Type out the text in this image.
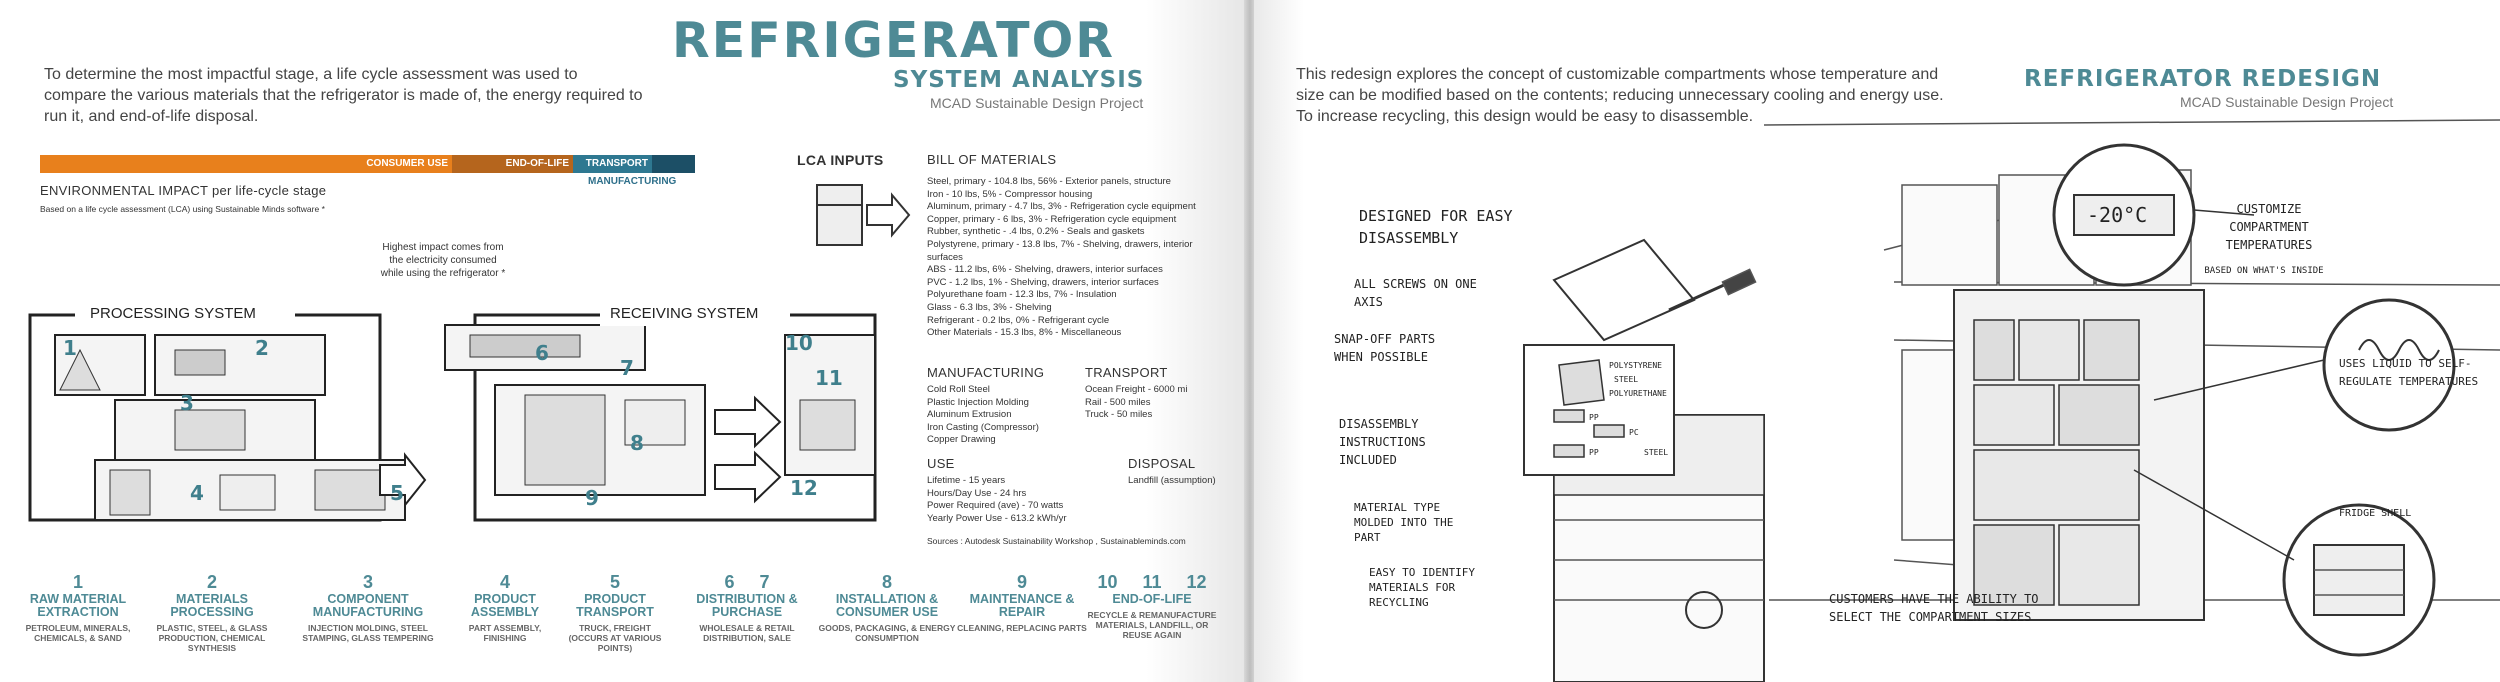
REFRIGERATOR
SYSTEM ANALYSIS
MCAD Sustainable Design Project
To determine the most impactful stage, a life cycle assessment was used to compare the various materials that the refrigerator is made of, the energy required to run it, and end-of-life disposal.
CONSUMER USE	END-OF-LIFE	TRANSPORT
MANUFACTURING
ENVIRONMENTAL IMPACT per life-cycle stage
Based on a life cycle assessment (LCA) using Sustainable Minds software *
Highest impact comes from the electricity consumed while using the refrigerator *
PROCESSING SYSTEM	RECEIVING SYSTEM
1	2
3
4	5
6
7
8
9
10
11
12
LCA INPUTS	BILL OF MATERIALS
Steel, primary - 104.8 lbs, 56% - Exterior panels, structure
Iron - 10 lbs, 5% - Compressor housing
Aluminum, primary - 4.7 lbs, 3% - Refrigeration cycle equipment
Copper, primary - 6 lbs, 3% - Refrigeration cycle equipment
Rubber, synthetic - .4 lbs, 0.2% - Seals and gaskets
Polystyrene, primary - 13.8 lbs, 7% - Shelving, drawers, interior surfaces
ABS - 11.2 lbs, 6% - Shelving, drawers, interior surfaces
PVC - 1.2 lbs, 1% - Shelving, drawers, interior surfaces
Polyurethane foam - 12.3 lbs, 7% - Insulation
Glass - 6.3 lbs, 3% - Shelving
Refrigerant - 0.2 lbs, 0% - Refrigerant cycle
Other Materials - 15.3 lbs, 8% - Miscellaneous
MANUFACTURING
Cold Roll Steel
Plastic Injection Molding
Aluminum Extrusion
Iron Casting (Compressor)
Copper Drawing
TRANSPORT
Ocean Freight - 6000 mi
Rail - 500 miles
Truck - 50 miles
USE
Lifetime - 15 years
Hours/Day Use - 24 hrs
Power Required (ave) - 70 watts
Yearly Power Use - 613.2 kWh/yr
DISPOSAL
Landfill (assumption)
Sources : Autodesk Sustainability Workshop , Sustainableminds.com
1
RAW MATERIAL EXTRACTION
PETROLEUM, MINERALS, CHEMICALS, & SAND
2
MATERIALS PROCESSING
PLASTIC, STEEL, & GLASS PRODUCTION, CHEMICAL SYNTHESIS
3
COMPONENT MANUFACTURING
INJECTION MOLDING, STEEL STAMPING, GLASS TEMPERING
4
PRODUCT ASSEMBLY
PART ASSEMBLY, FINISHING
5
PRODUCT TRANSPORT
TRUCK, FREIGHT (OCCURS AT VARIOUS POINTS)
6     7
DISTRIBUTION & PURCHASE
WHOLESALE & RETAIL DISTRIBUTION, SALE
8
INSTALLATION & CONSUMER USE
GOODS, PACKAGING, & ENERGY CONSUMPTION
9
MAINTENANCE & REPAIR
CLEANING, REPLACING PARTS
10     11     12
END-OF-LIFE
RECYCLE & REMANUFACTURE MATERIALS, LANDFILL, OR REUSE AGAIN
REFRIGERATOR REDESIGN
MCAD Sustainable Design Project
This redesign explores the concept of customizable compartments whose temperature and size can be modified based on the contents; reducing unnecessary cooling and energy use. To increase recycling, this design would be easy to disassemble.
-20°C
POLYSTYRENE
STEEL
POLYURETHANE
PP
PP
PC
STEEL
DESIGNED FOR EASY DISASSEMBLY
ALL SCREWS ON ONE AXIS
SNAP-OFF PARTS WHEN POSSIBLE
DISASSEMBLY INSTRUCTIONS INCLUDED
MATERIAL TYPE MOLDED INTO THE PART
EASY TO IDENTIFY MATERIALS FOR RECYCLING
CUSTOMIZE COMPARTMENT TEMPERATURES
BASED ON WHAT'S INSIDE
USES LIQUID TO SELF-REGULATE TEMPERATURES
FRIDGE SHELL
CUSTOMERS HAVE THE ABILITY TO SELECT THE COMPARTMENT SIZES
